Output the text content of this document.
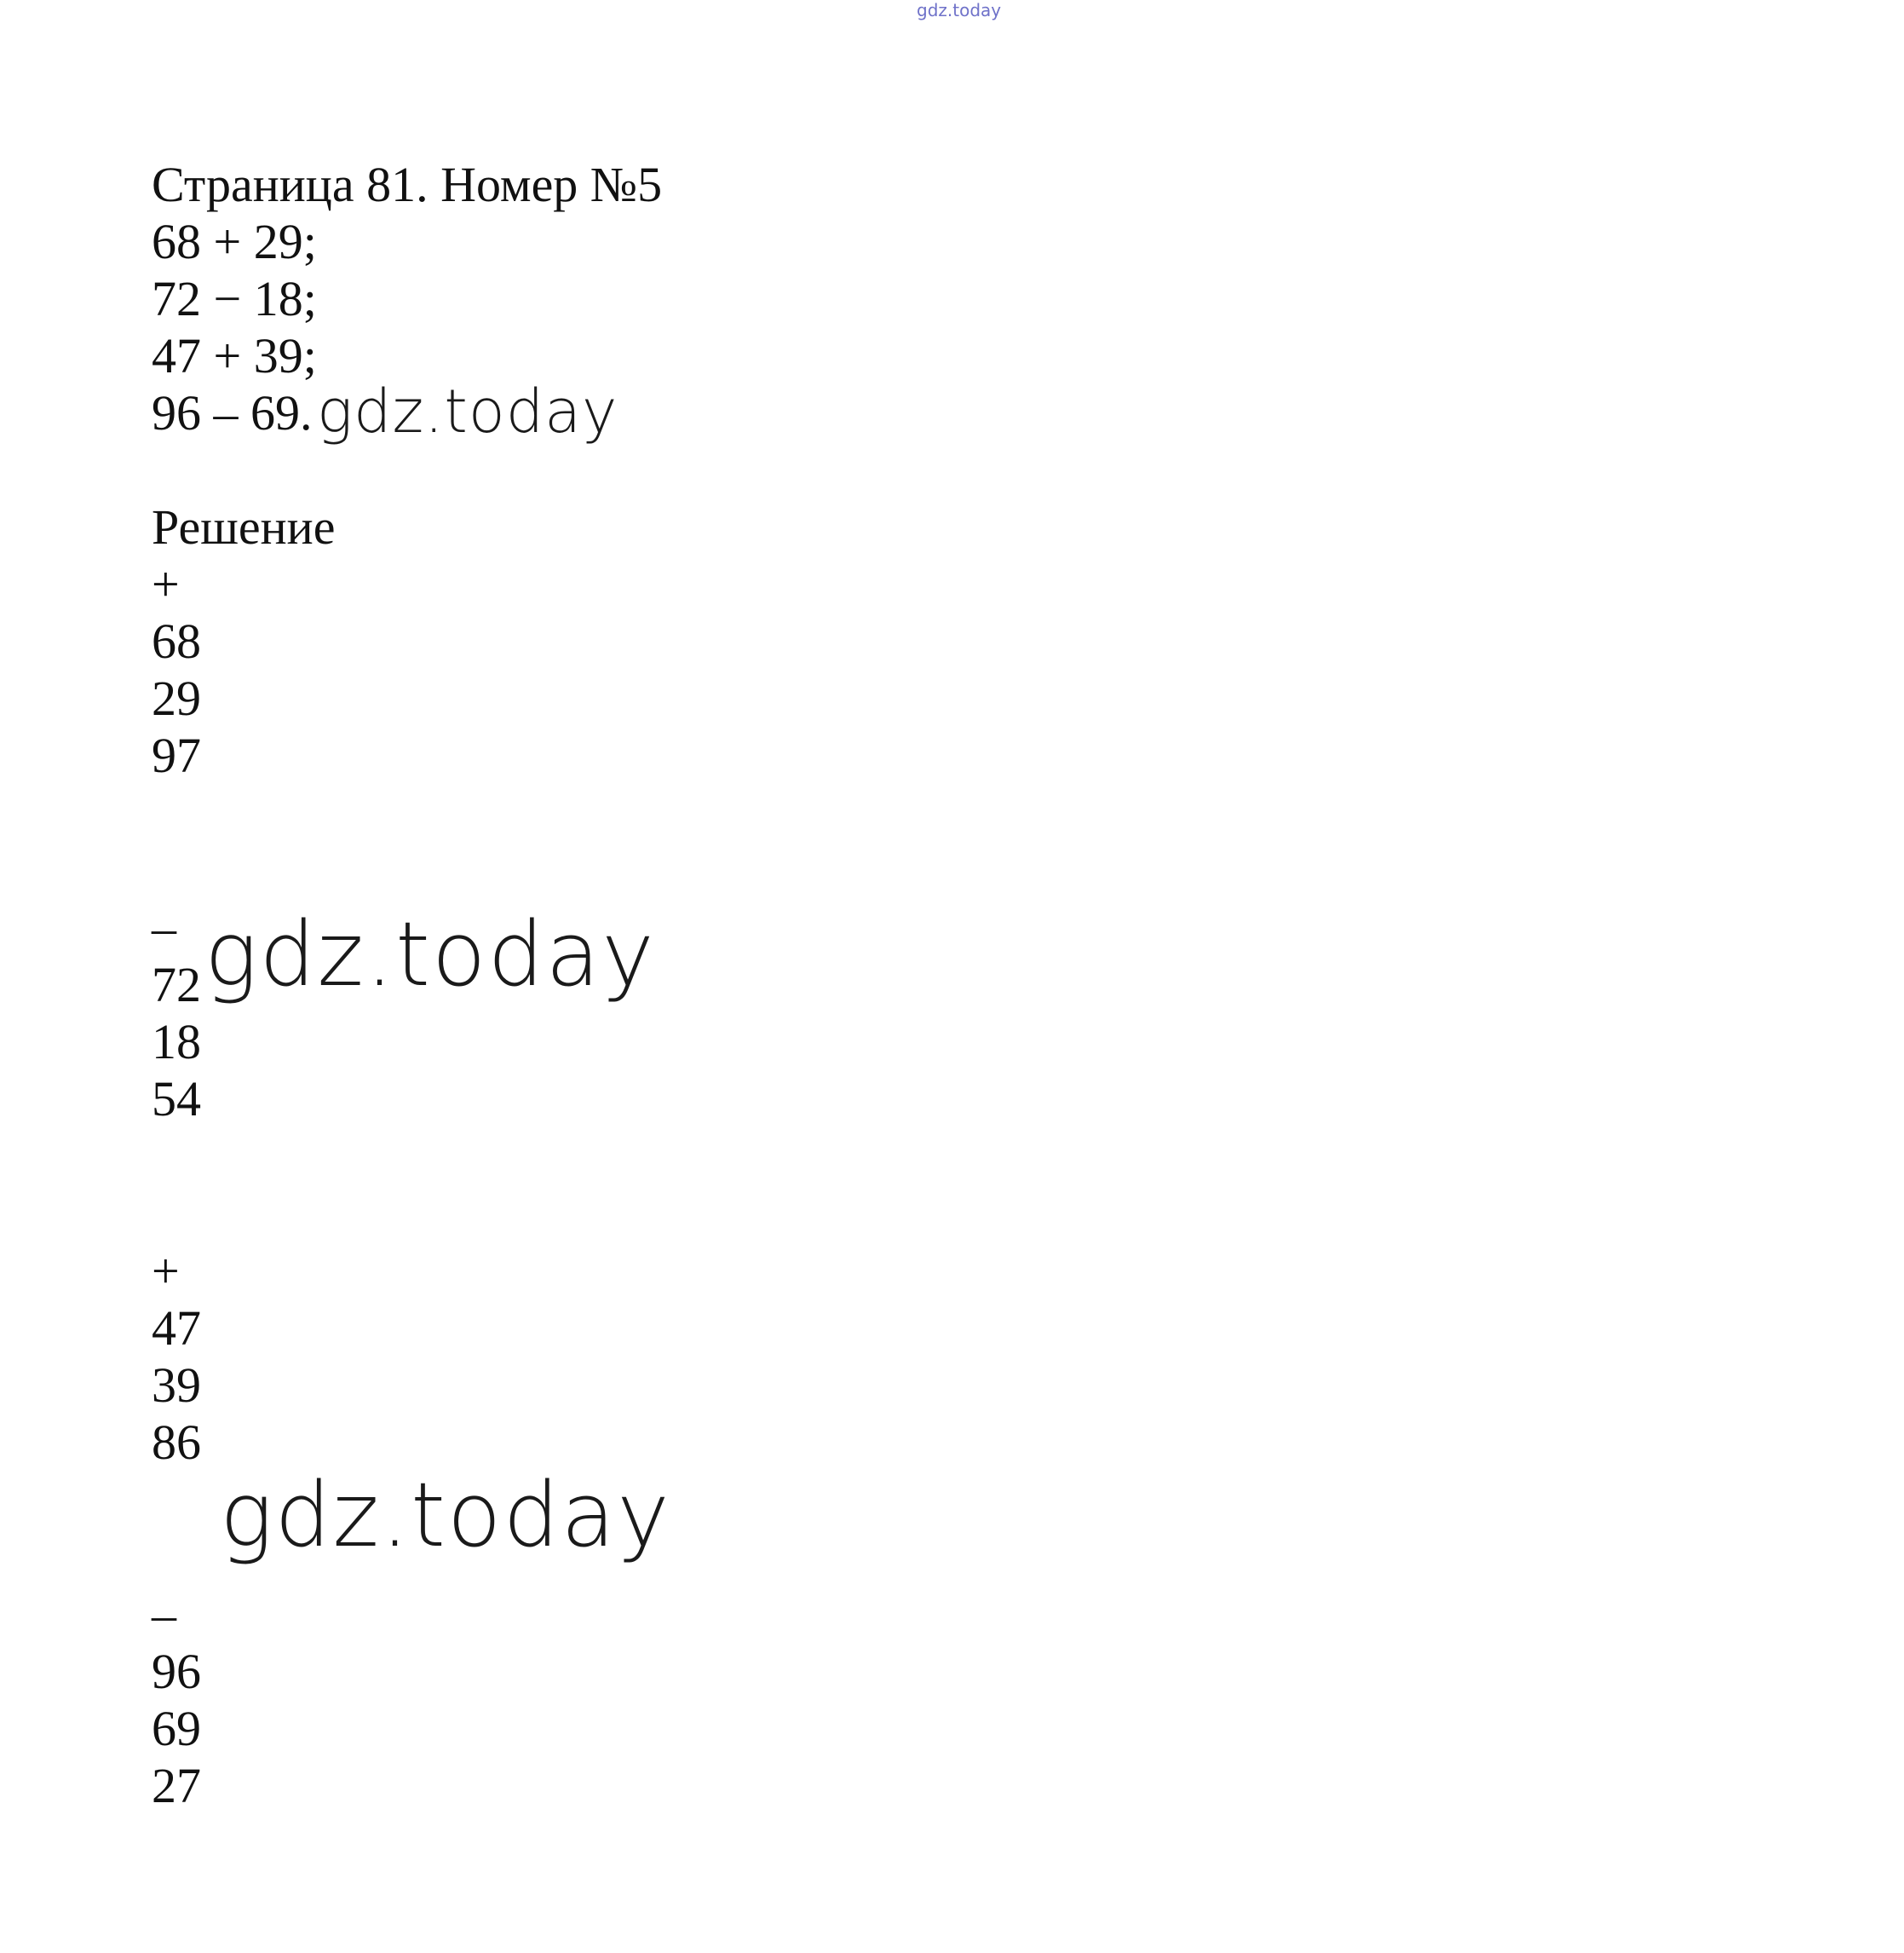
gdz.today
Страница 81. Номер №5
68 + 29;
72 − 18;
47 + 39;
96 – 69. gdz.today
Решение
+
68
29
97
–
72 gdz.today
18
54
+
47
39
86
gdz.today
–
96
69
27
